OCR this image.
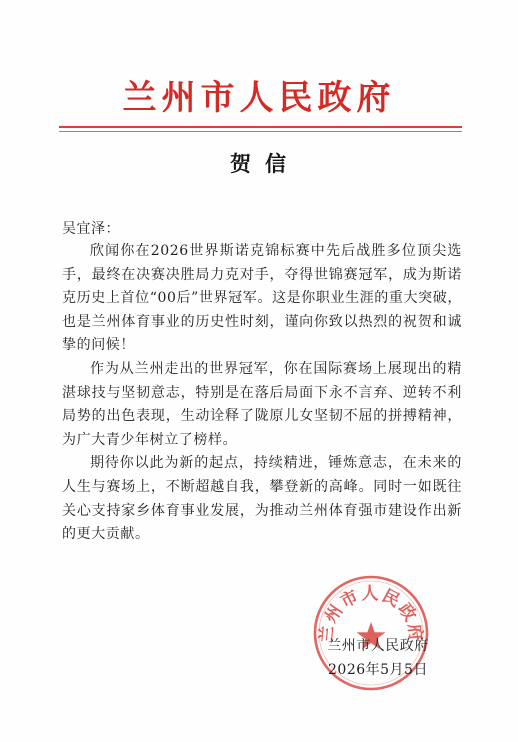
兰州市人民政府
贺信
吴宜泽：

欣闻你在2026世界斯诺克锦标赛中先后战胜多位顶尖选手，最终在决赛决胜局力克对手，夺得世锦赛冠军，成为斯诺克历史上首位“00后”世界冠军。这是你职业生涯的重大突破，也是兰州体育事业的历史性时刻，谨向你致以热烈的祝贺和诚挚的问候！

作为从兰州走出的世界冠军，你在国际赛场上展现出的精湛球技与坚韧意志，特别是在落后局面下永不言弃、逆转不利局势的出色表现，生动诠释了陇原儿女坚韧不屈的拼搏精神，为广大青少年树立了榜样。

期待你以此为新的起点，持续精进，锤炼意志，在未来的人生与赛场上，不断超越自我，攀登新的高峰。同时一如既往关心支持家乡体育事业发展，为推动兰州体育强市建设作出新的更大贡献。

兰州市人民政府
兰州市人民政府
2026年5月5日
